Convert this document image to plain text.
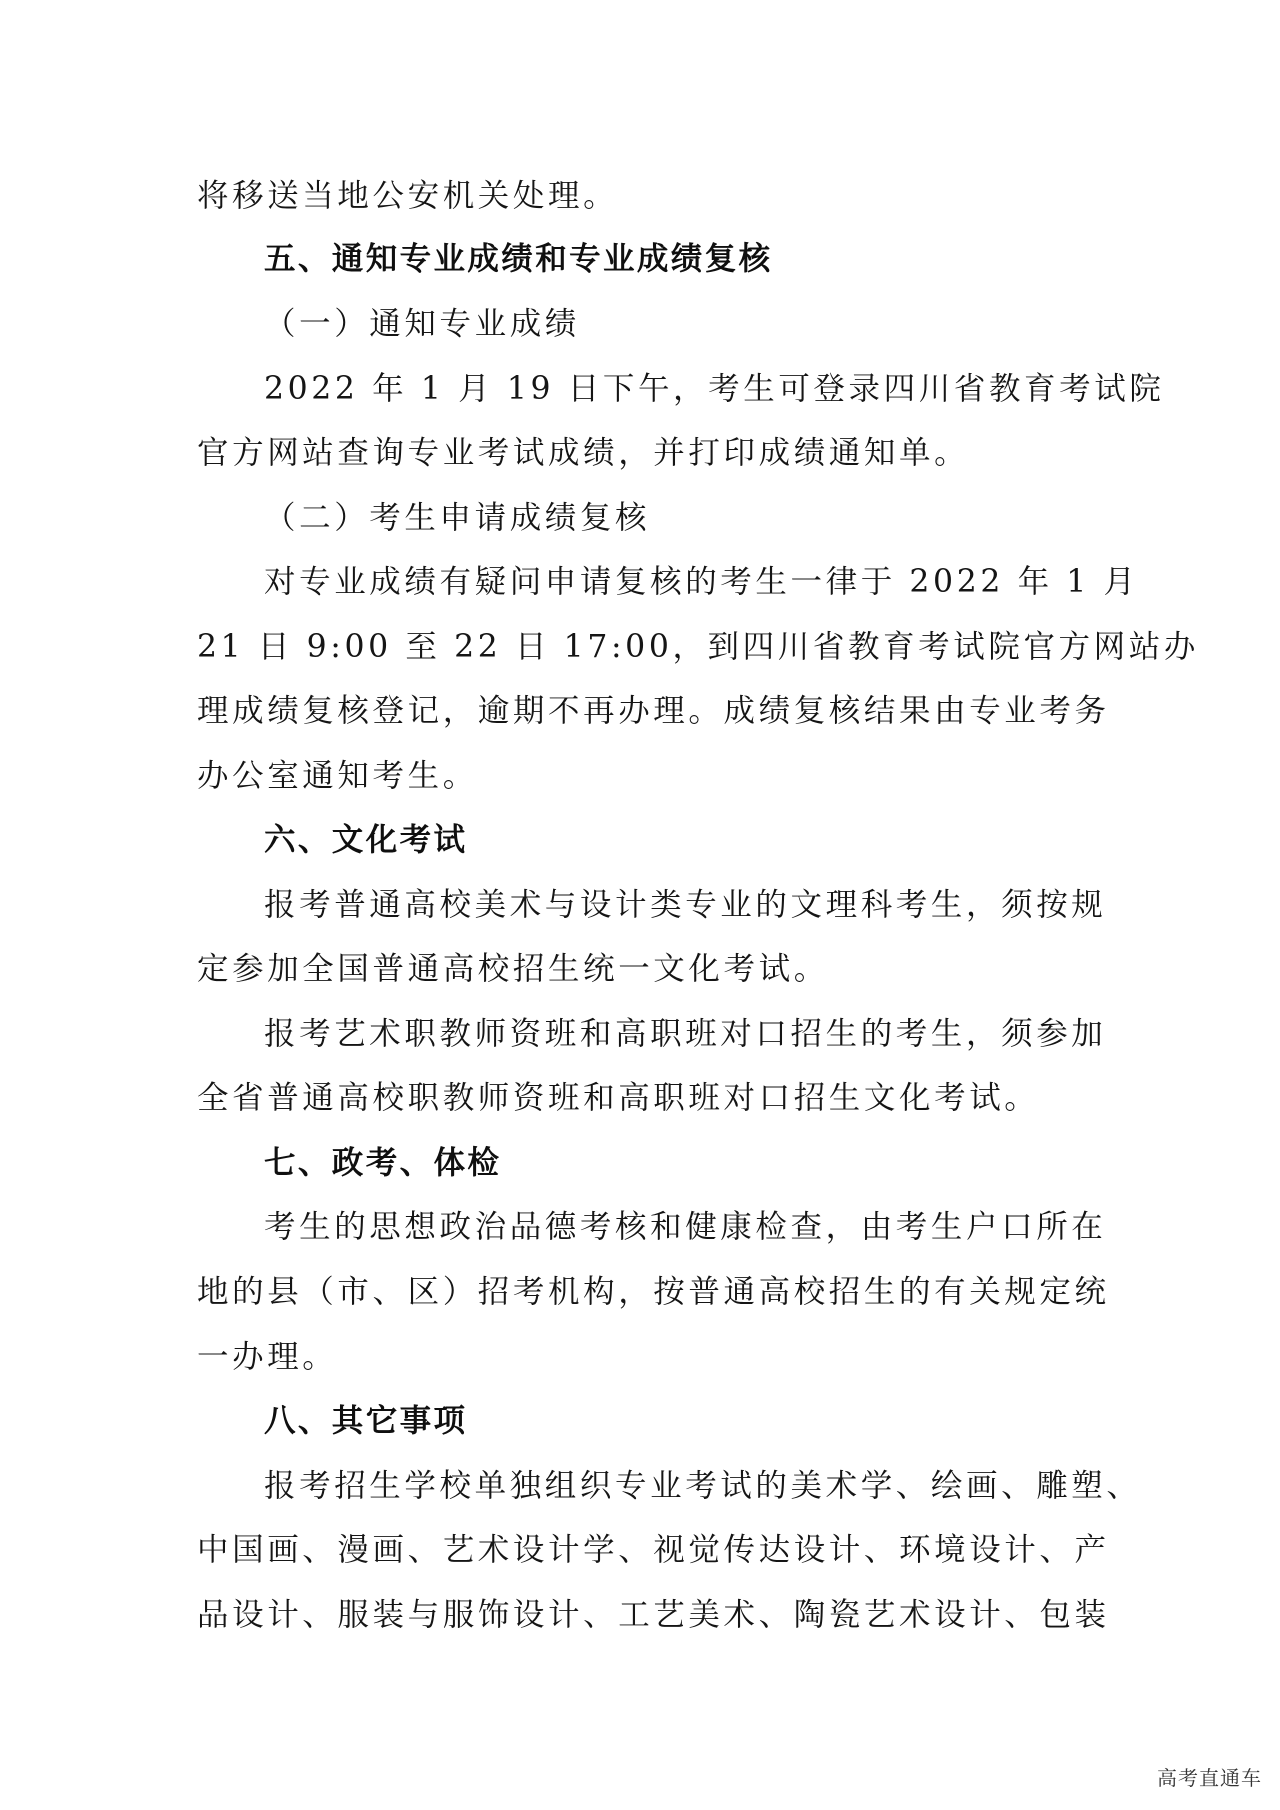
将移送当地公安机关处理。
五、通知专业成绩和专业成绩复核
（一）通知专业成绩
2022 年 1 月 19 日下午，考生可登录四川省教育考试院
官方网站查询专业考试成绩，并打印成绩通知单。
（二）考生申请成绩复核
对专业成绩有疑问申请复核的考生一律于 2022 年 1 月
21 日 9:00 至 22 日 17:00，到四川省教育考试院官方网站办
理成绩复核登记，逾期不再办理。成绩复核结果由专业考务
办公室通知考生。
六、文化考试
报考普通高校美术与设计类专业的文理科考生，须按规
定参加全国普通高校招生统一文化考试。
报考艺术职教师资班和高职班对口招生的考生，须参加
全省普通高校职教师资班和高职班对口招生文化考试。
七、政考、体检
考生的思想政治品德考核和健康检查，由考生户口所在
地的县（市、区）招考机构，按普通高校招生的有关规定统
一办理。
八、其它事项
报考招生学校单独组织专业考试的美术学、绘画、雕塑、
中国画、漫画、艺术设计学、视觉传达设计、环境设计、产
品设计、服装与服饰设计、工艺美术、陶瓷艺术设计、包装
高考直通车
